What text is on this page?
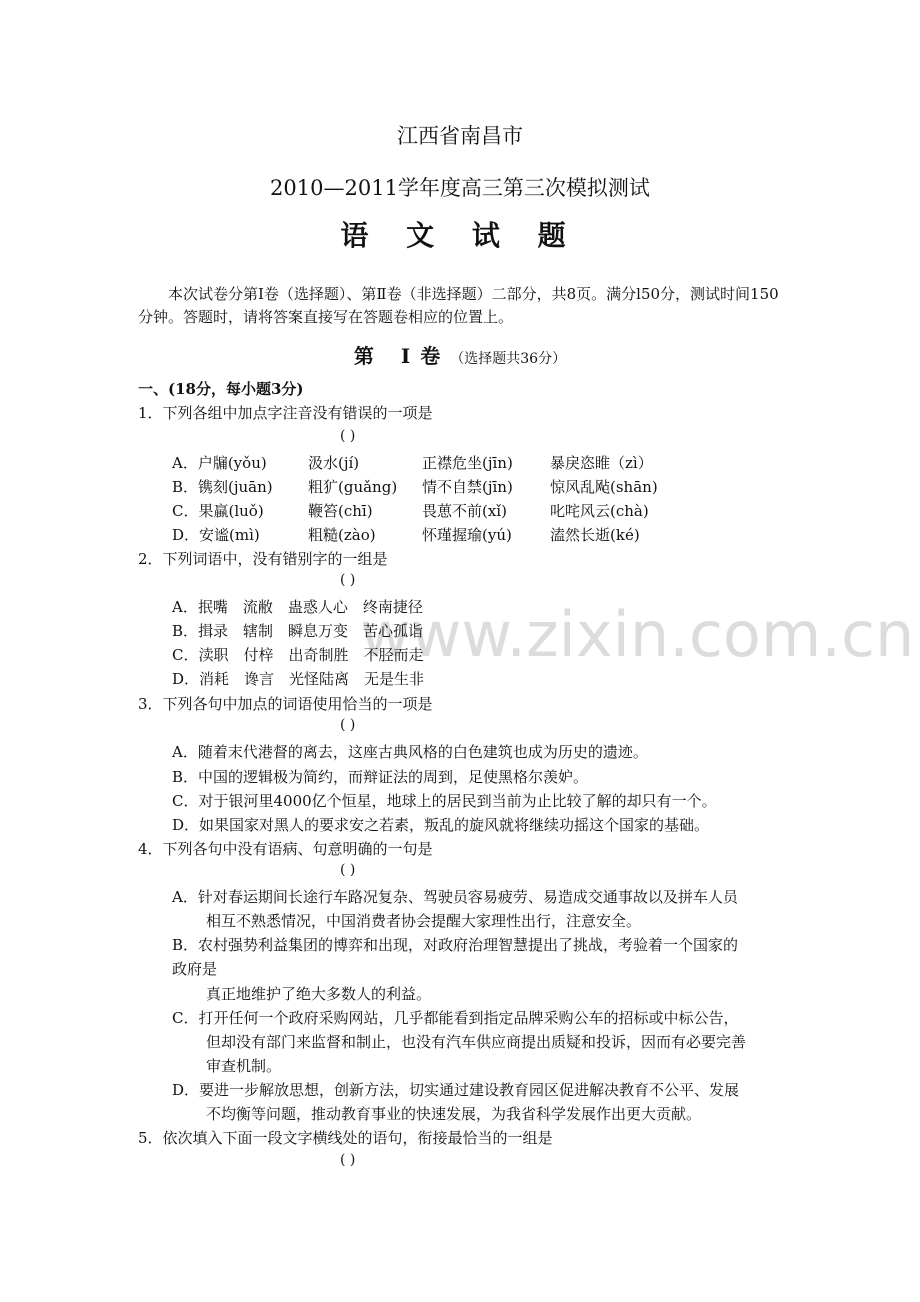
www.zixin.com.cn
江西省南昌市
2010—2011学年度高三第三次模拟测试
语 文 试 题
本次试卷分第Ⅰ卷（选择题）、第Ⅱ卷（非选择题）二部分，共8页。满分l50分，测试时间150分钟。答题时，请将答案直接写在答题卷相应的位置上。
第 Ⅰ卷（选择题共36分）
一、(18分，每小题3分)
1．下列各组中加点字注音没有错误的一项是
( )
A．户牖(yǒu)	汲水(jí)	正襟危坐(jīn) 暴戾恣睢（zì）
B．镌刻(juān) 粗犷(guǎng) 情不自禁(jīn) 惊风乱飐(shān)
C．果蠃(luǒ)	鞭笞(chī)	畏葸不前(xǐ)	叱咤风云(chà)
D．安谧(mì)	粗糙(zào)	怀瑾握瑜(yú)	溘然长逝(ké)
2．下列词语中，没有错别字的一组是
( )
A．抿嘴　流敝　蛊惑人心　终南捷径
B．揖录　辖制　瞬息万变　苦心孤诣
C．渎职　付梓　出奇制胜　不胫而走
D．消耗　谗言　光怪陆离　无是生非
3．下列各句中加点的词语使用恰当的一项是
( )
A．随着末代港督的离去，这座古典风格的白色建筑也成为历史的遗迹。
B．中国的逻辑极为简约，而辩证法的周到，足使黑格尔羡妒。
C．对于银河里4000亿个恒星，地球上的居民到当前为止比较了解的却只有一个。
D．如果国家对黑人的要求安之若素，叛乱的旋风就将继续功摇这个国家的基础。
4．下列各句中没有语病、句意明确的一句是
( )
A．针对春运期间长途行车路况复杂、驾驶员容易疲劳、易造成交通事故以及拼车人员
相互不熟悉情况，中国消费者协会提醒大家理性出行，注意安全。
B．农村强势利益集团的博弈和出现，对政府治理智慧提出了挑战，考验着一个国家的
政府是
真正地维护了绝大多数人的利益。
C．打开任何一个政府采购网站，几乎都能看到指定品牌采购公车的招标或中标公告，
但却没有部门来监督和制止，也没有汽车供应商提出质疑和投诉，因而有必要完善
审查机制。
D．要进一步解放思想，创新方法，切实通过建设教育园区促进解决教育不公平、发展
不均衡等问题，推动教育事业的快速发展，为我省科学发展作出更大贡献。
5．依次填入下面一段文字横线处的语句，衔接最恰当的一组是
( )
